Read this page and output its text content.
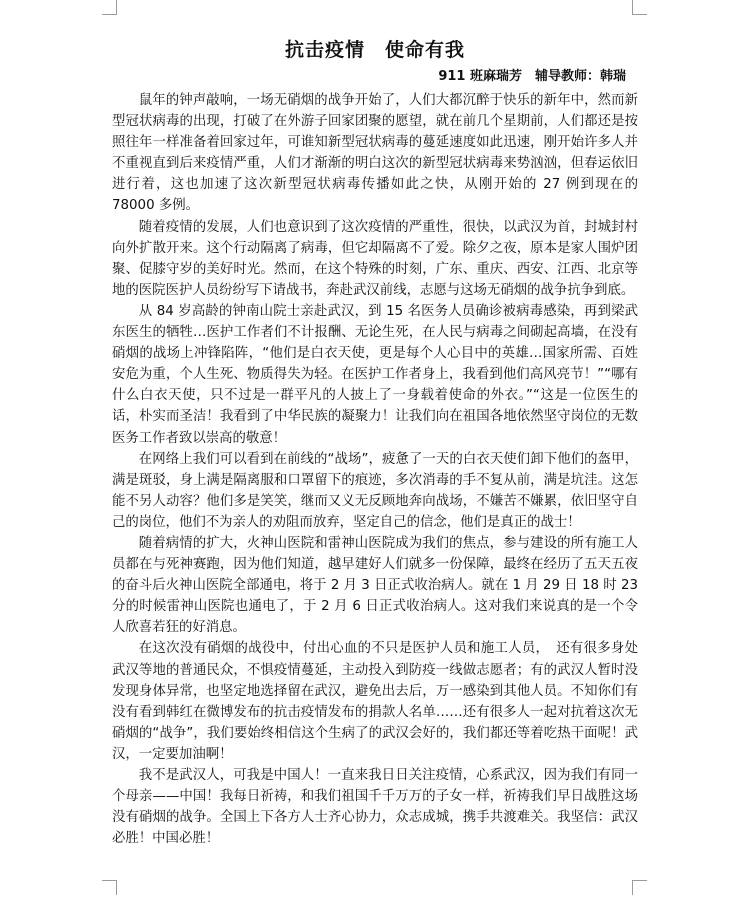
抗击疫情　使命有我
911 班麻瑞芳　辅导教师：韩瑞

鼠年的钟声敲响，一场无硝烟的战争开始了，人们大都沉醉于快乐的新年中，然而新型冠状病毒的出现，打破了在外游子回家团聚的愿望，就在前几个星期前，人们都还是按照往年一样准备着回家过年，可谁知新型冠状病毒的蔓延速度如此迅速，刚开始许多人并不重视直到后来疫情严重，人们才渐渐的明白这次的新型冠状病毒来势汹汹，但春运依旧进行着，这也加速了这次新型冠状病毒传播如此之快，从刚开始的 27 例到现在的 78000 多例。

随着疫情的发展，人们也意识到了这次疫情的严重性，很快，以武汉为首，封城封村向外扩散开来。这个行动隔离了病毒，但它却隔离不了爱。除夕之夜，原本是家人围炉团聚、促膝守岁的美好时光。然而，在这个特殊的时刻，广东、重庆、西安、江西、北京等地的医院医护人员纷纷写下请战书，奔赴武汉前线，志愿与这场无硝烟的战争抗争到底。

从 84 岁高龄的钟南山院士亲赴武汉，到 15 名医务人员确诊被病毒感染，再到梁武东医生的牺牲…医护工作者们不计报酬、无论生死，在人民与病毒之间砌起高墙，在没有硝烟的战场上冲锋陷阵，“他们是白衣天使，更是每个人心目中的英雄…国家所需、百姓安危为重，个人生死、物质得失为轻。在医护工作者身上，我看到他们高风亮节！”“哪有什么白衣天使，只不过是一群平凡的人披上了一身载着使命的外衣。”“这是一位医生的话，朴实而圣洁！我看到了中华民族的凝聚力！让我们向在祖国各地依然坚守岗位的无数医务工作者致以崇高的敬意！

在网络上我们可以看到在前线的“战场”，疲惫了一天的白衣天使们卸下他们的盔甲，满是斑驳，身上满是隔离服和口罩留下的痕迹，多次消毒的手不复从前，满是坑洼。这怎能不另人动容？他们多是笑笑，继而又义无反顾地奔向战场，不嫌苦不嫌累，依旧坚守自己的岗位，他们不为亲人的劝阻而放弃，坚定自己的信念，他们是真正的战士！

随着病情的扩大，火神山医院和雷神山医院成为我们的焦点，参与建设的所有施工人员都在与死神赛跑，因为他们知道，越早建好人们就多一份保障，最终在经历了五天五夜的奋斗后火神山医院全部通电，将于 2 月 3 日正式收治病人。就在 1 月 29 日 18 时 23 分的时候雷神山医院也通电了，于 2 月 6 日正式收治病人。这对我们来说真的是一个令人欣喜若狂的好消息。

在这次没有硝烟的战役中，付出心血的不只是医护人员和施工人员，　还有很多身处武汉等地的普通民众，不惧疫情蔓延，主动投入到防疫一线做志愿者；有的武汉人暂时没发现身体异常，也坚定地选择留在武汉，避免出去后，万一感染到其他人员。不知你们有没有看到韩红在微博发布的抗击疫情发布的捐款人名单……还有很多人一起对抗着这次无硝烟的“战争”，我们要始终相信这个生病了的武汉会好的，我们都还等着吃热干面呢！武汉，一定要加油啊！

我不是武汉人，可我是中国人！一直来我日日关注疫情，心系武汉，因为我们有同一个母亲——中国！我每日祈祷，和我们祖国千千万万的子女一样，祈祷我们早日战胜这场没有硝烟的战争。全国上下各方人士齐心协力，众志成城，携手共渡难关。我坚信：武汉必胜！中国必胜！
